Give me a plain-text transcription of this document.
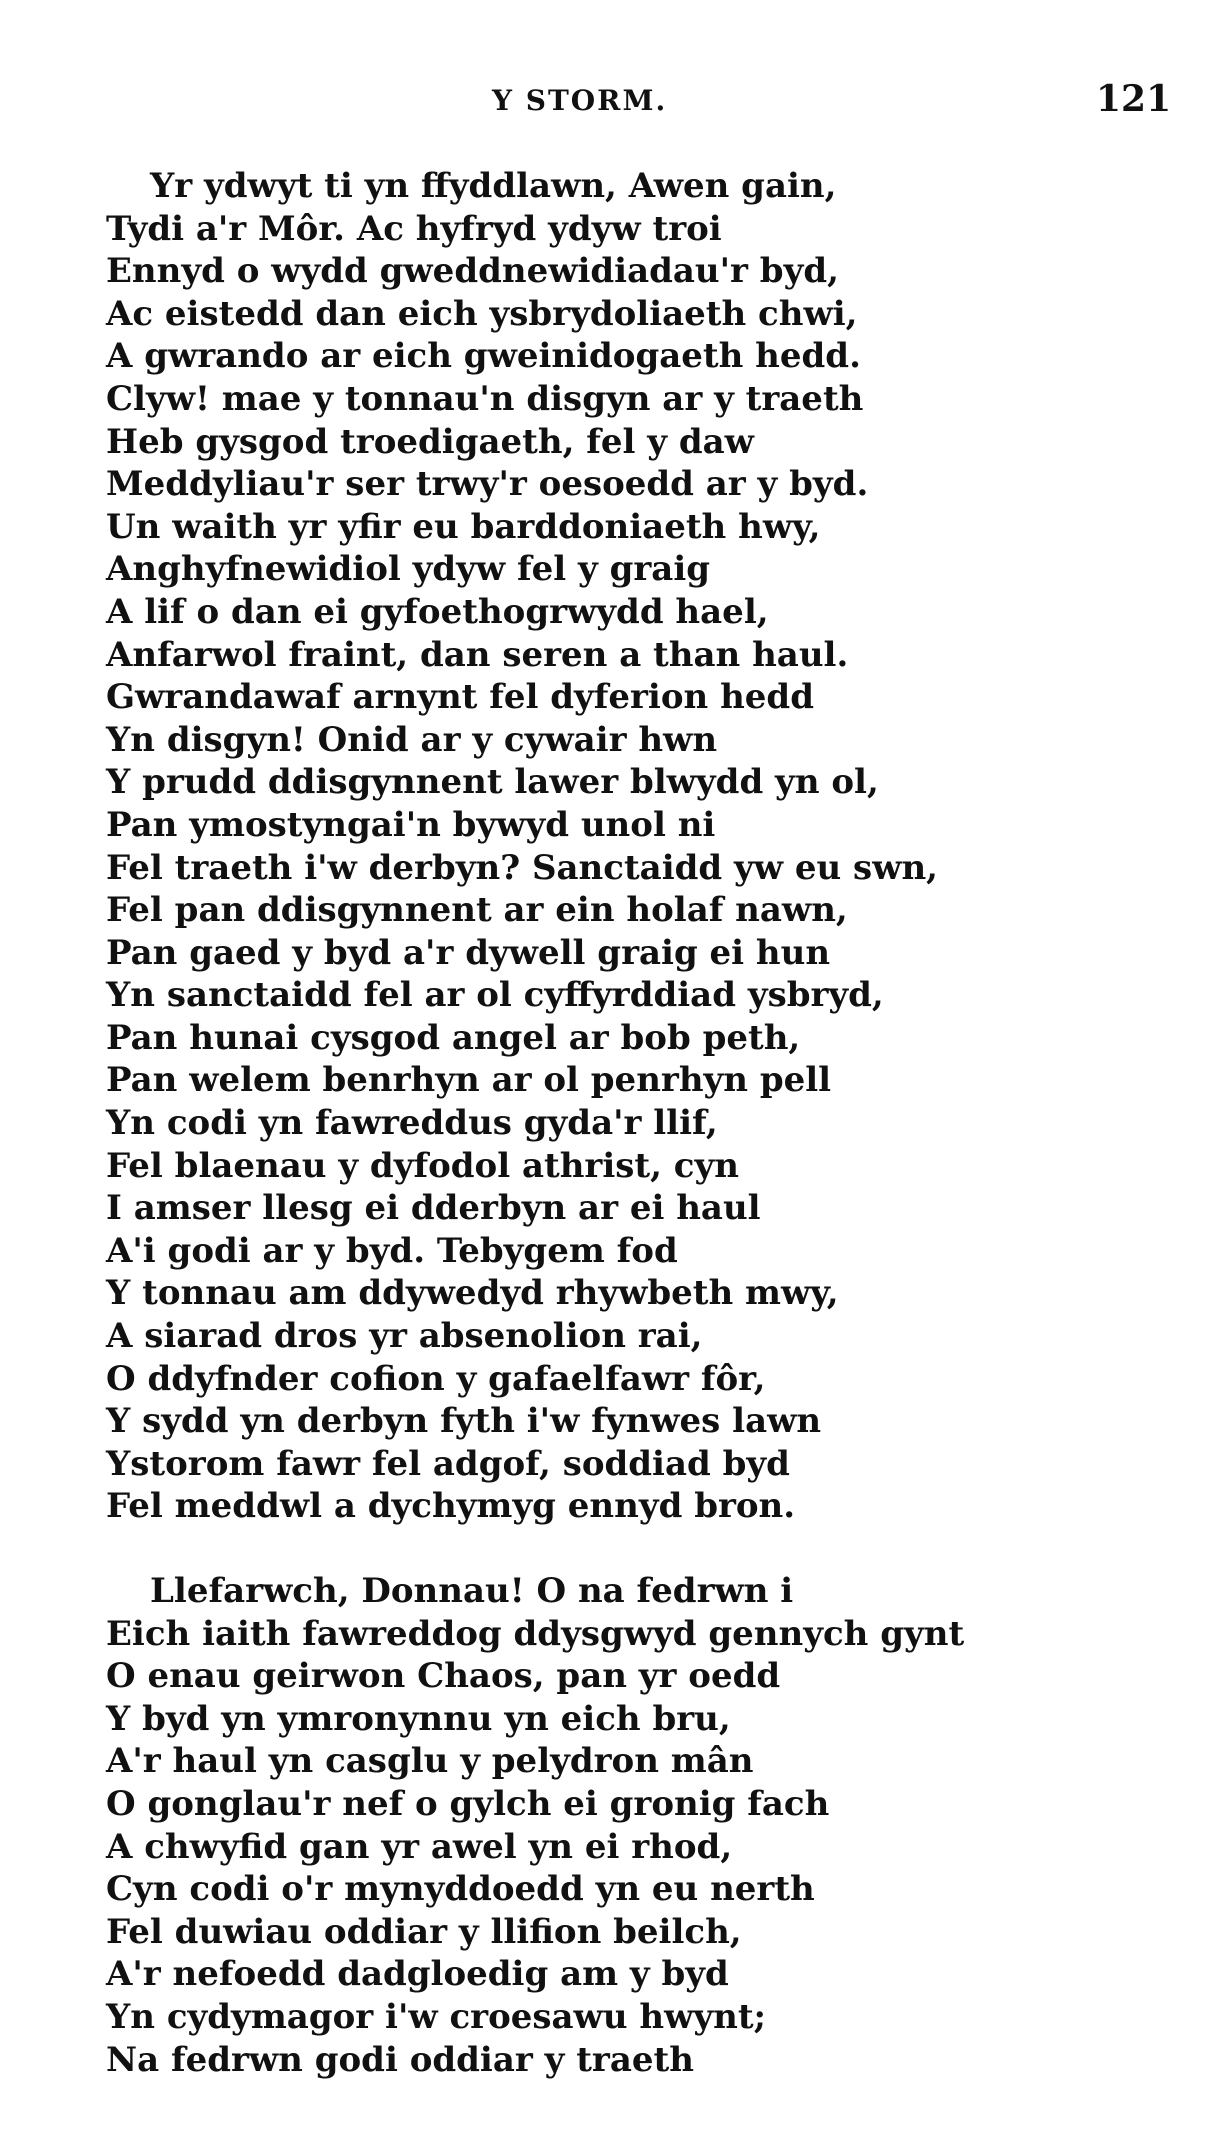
Y STORM.	121
Yr ydwyt ti yn ffyddlawn, Awen gain,
Tydi a'r Môr. Ac hyfryd ydyw troi
Ennyd o wydd gweddnewidiadau'r byd,
Ac eistedd dan eich ysbrydoliaeth chwi,
A gwrando ar eich gweinidogaeth hedd.
Clyw! mae y tonnau'n disgyn ar y traeth
Heb gysgod troedigaeth, fel y daw
Meddyliau'r ser trwy'r oesoedd ar y byd.
Un waith yr yfir eu barddoniaeth hwy,
Anghyfnewidiol ydyw fel y graig
A lif o dan ei gyfoethogrwydd hael,
Anfarwol fraint, dan seren a than haul.
Gwrandawaf arnynt fel dyferion hedd
Yn disgyn! Onid ar y cywair hwn
Y prudd ddisgynnent lawer blwydd yn ol,
Pan ymostyngai'n bywyd unol ni
Fel traeth i'w derbyn? Sanctaidd yw eu swn,
Fel pan ddisgynnent ar ein holaf nawn,
Pan gaed y byd a'r dywell graig ei hun
Yn sanctaidd fel ar ol cyffyrddiad ysbryd,
Pan hunai cysgod angel ar bob peth,
Pan welem benrhyn ar ol penrhyn pell
Yn codi yn fawreddus gyda'r llif,
Fel blaenau y dyfodol athrist, cyn
I amser llesg ei dderbyn ar ei haul
A'i godi ar y byd. Tebygem fod
Y tonnau am ddywedyd rhywbeth mwy,
A siarad dros yr absenolion rai,
O ddyfnder cofion y gafaelfawr fôr,
Y sydd yn derbyn fyth i'w fynwes lawn
Ystorom fawr fel adgof, soddiad byd
Fel meddwl a dychymyg ennyd bron.
Llefarwch, Donnau! O na fedrwn i
Eich iaith fawreddog ddysgwyd gennych gynt
O enau geirwon Chaos, pan yr oedd
Y byd yn ymronynnu yn eich bru,
A'r haul yn casglu y pelydron mân
O gonglau'r nef o gylch ei gronig fach
A chwyfid gan yr awel yn ei rhod,
Cyn codi o'r mynyddoedd yn eu nerth
Fel duwiau oddiar y llifion beilch,
A'r nefoedd dadgloedig am y byd
Yn cydymagor i'w croesawu hwynt;
Na fedrwn godi oddiar y traeth
